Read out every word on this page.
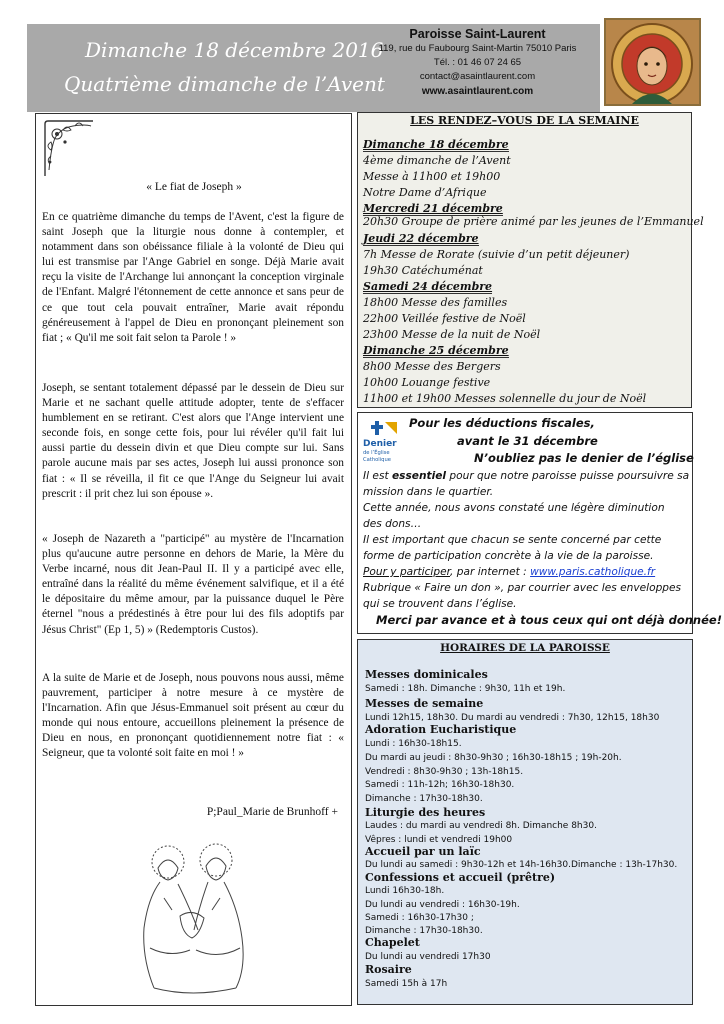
Dimanche 18 décembre 2016
Quatrième dimanche de l’Avent
Paroisse Saint-Laurent
119, rue du Faubourg Saint-Martin 75010 Paris
Tél. : 01 46 07 24 65
contact@asaintlaurent.com
www.asaintlaurent.com
« Le fiat de Joseph »

En ce quatrième dimanche du temps de l'Avent, c'est la figure de saint Joseph que la liturgie nous donne à contempler, et notamment dans son obéissance filiale à la volonté de Dieu qui lui est transmise par l'Ange Gabriel en songe. Déjà Marie avait reçu la visite de l'Archange lui annonçant la conception virginale de l'Enfant. Malgré l'étonnement de cette annonce et sans peur de ce que tout cela pouvait entraîner, Marie avait répondu généreusement à l'appel de Dieu en prononçant pleinement son fiat ; « Qu'il me soit fait selon ta Parole ! »

Joseph, se sentant totalement dépassé par le dessein de Dieu sur Marie et ne sachant quelle attitude adopter, tente de s'effacer humblement en se retirant. C'est alors que l'Ange intervient une seconde fois, en songe cette fois, pour lui révéler qu'il fait lui aussi partie du dessein divin et que Dieu compte sur lui. Sans parole aucune mais par ses actes, Joseph lui aussi prononce son fiat : « Il se réveilla, il fit ce que l'Ange du Seigneur lui avait prescrit : il prit chez lui son épouse ».

« Joseph de Nazareth a "participé" au mystère de l'Incarnation plus qu'aucune autre personne en dehors de Marie, la Mère du Verbe incarné, nous dit Jean-Paul II. Il y a participé avec elle, entraîné dans la réalité du même événement salvifique, et il a été le dépositaire du même amour, par la puissance duquel le Père éternel "nous a prédestinés à être pour lui des fils adoptifs par Jésus Christ" (Ep 1, 5) » (Redemptoris Custos).

A la suite de Marie et de Joseph, nous pouvons nous aussi, même pauvrement, participer à notre mesure à ce mystère de l'Incarnation. Afin que Jésus-Emmanuel soit présent au cœur du monde qui nous entoure, accueillons pleinement la présence de Dieu en nous, en prononçant quotidiennement notre fiat : « Seigneur, que ta volonté soit faite en moi ! »

P;Paul_Marie de Brunhoff +
LES RENDEZ–VOUS DE LA SEMAINE
Dimanche 18 décembre
4ème dimanche de l’Avent
Messe à 11h00 et 19h00
Notre Dame d’Afrique
Mercredi 21 décembre
20h30 Groupe de prière animé par les jeunes de l’Emmanuel
Jeudi 22 décembre
7h Messe de Rorate (suivie d’un petit déjeuner)
19h30 Catéchuménat
Samedi 24 décembre
18h00 Messe des familles
22h00 Veillée festive de Noël
23h00 Messe de la nuit de Noël
Dimanche 25 décembre
8h00 Messe des Bergers
10h00 Louange festive
11h00 et 19h00 Messes solennelle du jour de Noël
Denier
de l’Église
Catholique
Pour les déductions fiscales,
avant le 31 décembre
N’oubliez pas le denier de l’église
Il est essentiel pour que notre paroisse puisse poursuivre sa
mission dans le quartier.
Cette année, nous avons constaté une légère diminution
des dons…
Il est important que chacun se sente concerné par cette
forme de participation concrète à la vie de la paroisse.
Pour y participer, par internet : www.paris.catholique.fr
Rubrique « Faire un don », par courrier avec les enveloppes
qui se trouvent dans l’église.
Merci par avance et à tous ceux qui ont déjà donnée!
HORAIRES DE LA PAROISSE
Messes dominicales
Samedi : 18h. Dimanche : 9h30, 11h et 19h.
Messes de semaine
Lundi 12h15, 18h30. Du mardi au vendredi : 7h30, 12h15, 18h30
Adoration Eucharistique
Lundi : 16h30-18h15.
Du mardi au jeudi : 8h30-9h30 ; 16h30-18h15 ; 19h-20h.
Vendredi : 8h30-9h30 ; 13h-18h15.
Samedi : 11h-12h; 16h30-18h30.
Dimanche : 17h30-18h30.
Liturgie des heures
Laudes : du mardi au vendredi 8h. Dimanche 8h30.
Vêpres : lundi et vendredi 19h00
Accueil par un laïc
Du lundi au samedi : 9h30-12h et 14h-16h30.Dimanche : 13h-17h30.
Confessions et accueil (prêtre)
Lundi 16h30-18h.
Du lundi au vendredi : 16h30-19h.
Samedi : 16h30-17h30 ;
Dimanche : 17h30-18h30.
Chapelet
Du lundi au vendredi 17h30
Rosaire
Samedi 15h à 17h
